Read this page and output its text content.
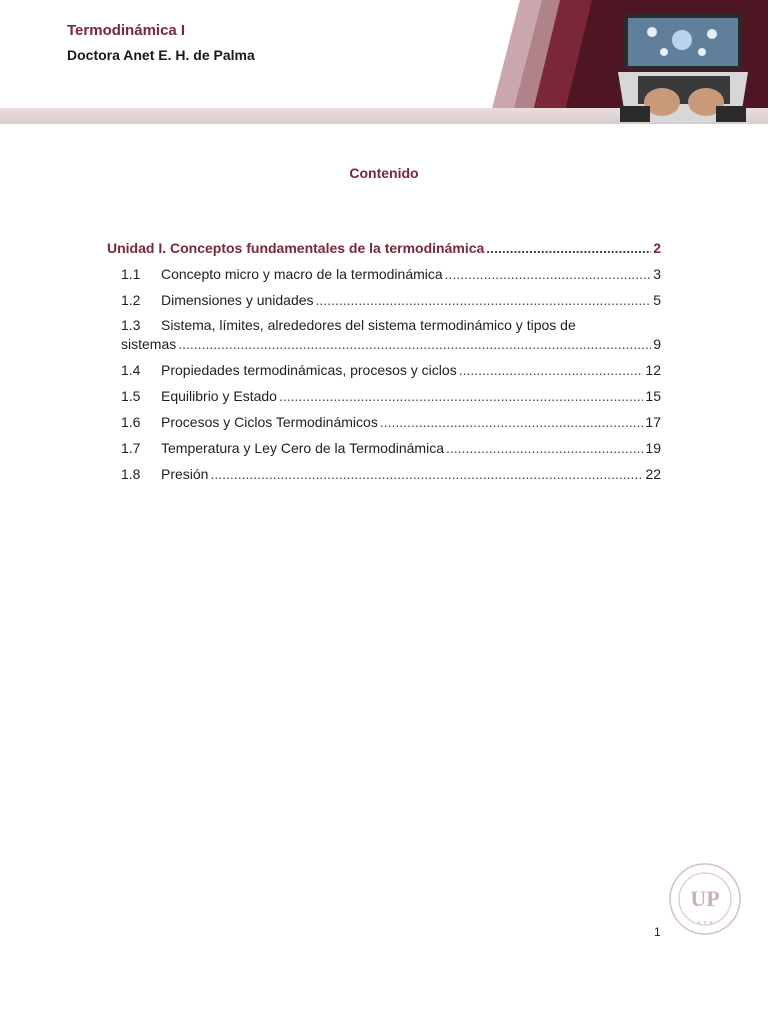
Termodinámica I
Doctora Anet E. H. de Palma
Contenido
Unidad I. Conceptos fundamentales de la termodinámica .....	2
1.1	Concepto micro y macro de la termodinámica .....	3
1.2	Dimensiones y unidades .....	5
1.3	Sistema, límites, alrededores del sistema termodinámico y tipos de
sistemas .....	9
1.4	Propiedades termodinámicas, procesos y ciclos .....	12
1.5	Equilibrio y Estado .....	15
1.6	Procesos y Ciclos Termodinámicos .....	17
1.7	Temperatura y Ley Cero de la Termodinámica .....	19
1.8	Presión .....	22
UP
★ ★ ★
1
